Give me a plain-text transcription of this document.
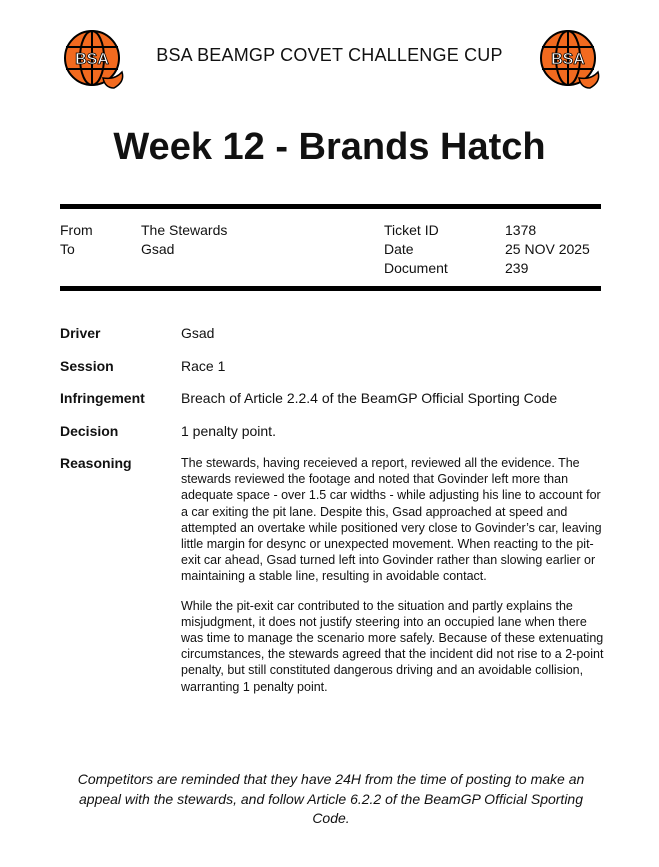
BSA	BSA BEAMGP COVET CHALLENGE CUP	BSA
Week 12 - Brands Hatch
From	The Stewards
To	Gsad
Ticket ID	1378
Date	25 NOV 2025
Document	239
Driver	Gsad
Session	Race 1
Infringement	Breach of Article 2.2.4 of the BeamGP Official Sporting Code
Decision	1 penalty point.
Reasoning	The stewards, having receieved a report, reviewed all the evidence. The stewards reviewed the footage and noted that Govinder left more than adequate space - over 1.5 car widths - while adjusting his line to account for a car exiting the pit lane. Despite this, Gsad approached at speed and attempted an overtake while positioned very close to Govinder’s car, leaving little margin for desync or unexpected movement. When reacting to the pit-exit car ahead, Gsad turned left into Govinder rather than slowing earlier or maintaining a stable line, resulting in avoidable contact.

While the pit-exit car contributed to the situation and partly explains the misjudgment, it does not justify steering into an occupied lane when there was time to manage the scenario more safely. Because of these extenuating circumstances, the stewards agreed that the incident did not rise to a 2-point penalty, but still constituted dangerous driving and an avoidable collision, warranting 1 penalty point.

Competitors are reminded that they have 24H from the time of posting to make an appeal with the stewards, and follow Article 6.2.2 of the BeamGP Official Sporting Code.
